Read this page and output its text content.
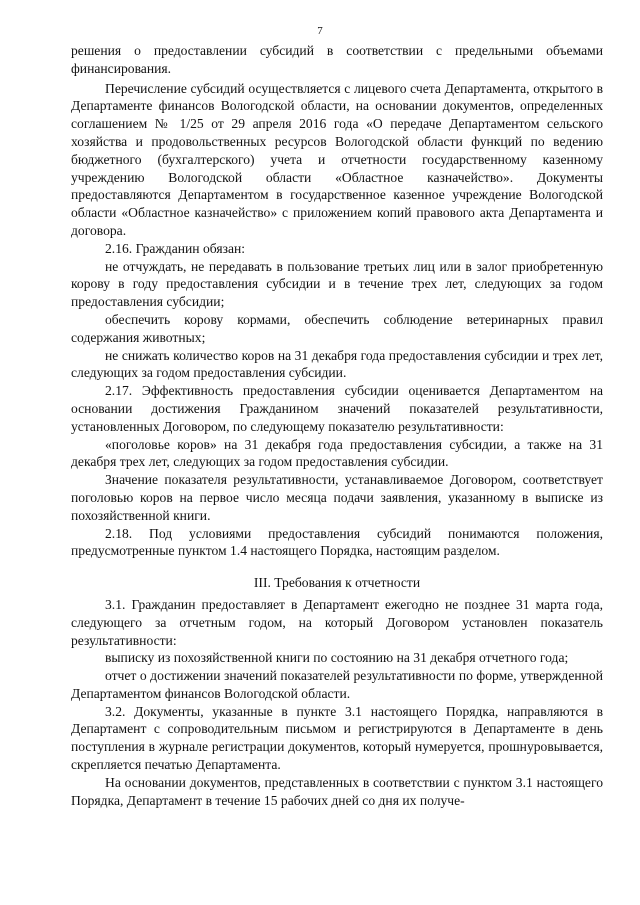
7

решения о предоставлении субсидий в соответствии с предельными объемами финансирования.

Перечисление субсидий осуществляется с лицевого счета Департамента, открытого в Департаменте финансов Вологодской области, на основании документов, определенных соглашением № 1/25 от 29 апреля 2016 года «О передаче Департаментом сельского хозяйства и продовольственных ресурсов Вологодской области функций по ведению бюджетного (бухгалтерского) учета и отчетности государственному казенному учреждению Вологодской области «Областное казначейство». Документы предоставляются Департаментом в государственное казенное учреждение Вологодской области «Областное казначейство» с приложением копий правового акта Департамента и договора.

2.16. Гражданин обязан:

не отчуждать, не передавать в пользование третьих лиц или в залог приобретенную корову в году предоставления субсидии и в течение трех лет, следующих за годом предоставления субсидии;

обеспечить корову кормами, обеспечить соблюдение ветеринарных правил содержания животных;

не снижать количество коров на 31 декабря года предоставления субсидии и трех лет, следующих за годом предоставления субсидии.

2.17. Эффективность предоставления субсидии оценивается Департаментом на основании достижения Гражданином значений показателей результативности, установленных Договором, по следующему показателю результативности:

«поголовье коров» на 31 декабря года предоставления субсидии, а также на 31 декабря трех лет, следующих за годом предоставления субсидии.

Значение показателя результативности, устанавливаемое Договором, соответствует поголовью коров на первое число месяца подачи заявления, указанному в выписке из похозяйственной книги.

2.18. Под условиями предоставления субсидий понимаются положения, предусмотренные пунктом 1.4 настоящего Порядка, настоящим разделом.

III. Требования к отчетности

3.1. Гражданин предоставляет в Департамент ежегодно не позднее 31 марта года, следующего за отчетным годом, на который Договором установлен показатель результативности:

выписку из похозяйственной книги по состоянию на 31 декабря отчетного года;

отчет о достижении значений показателей результативности по форме, утвержденной Департаментом финансов Вологодской области.

3.2. Документы, указанные в пункте 3.1 настоящего Порядка, направляются в Департамент с сопроводительным письмом и регистрируются в Департаменте в день поступления в журнале регистрации документов, который нумеруется, прошнуровывается, скрепляется печатью Департамента.

На основании документов, представленных в соответствии с пунктом 3.1 настоящего Порядка, Департамент в течение 15 рабочих дней со дня их получе-
